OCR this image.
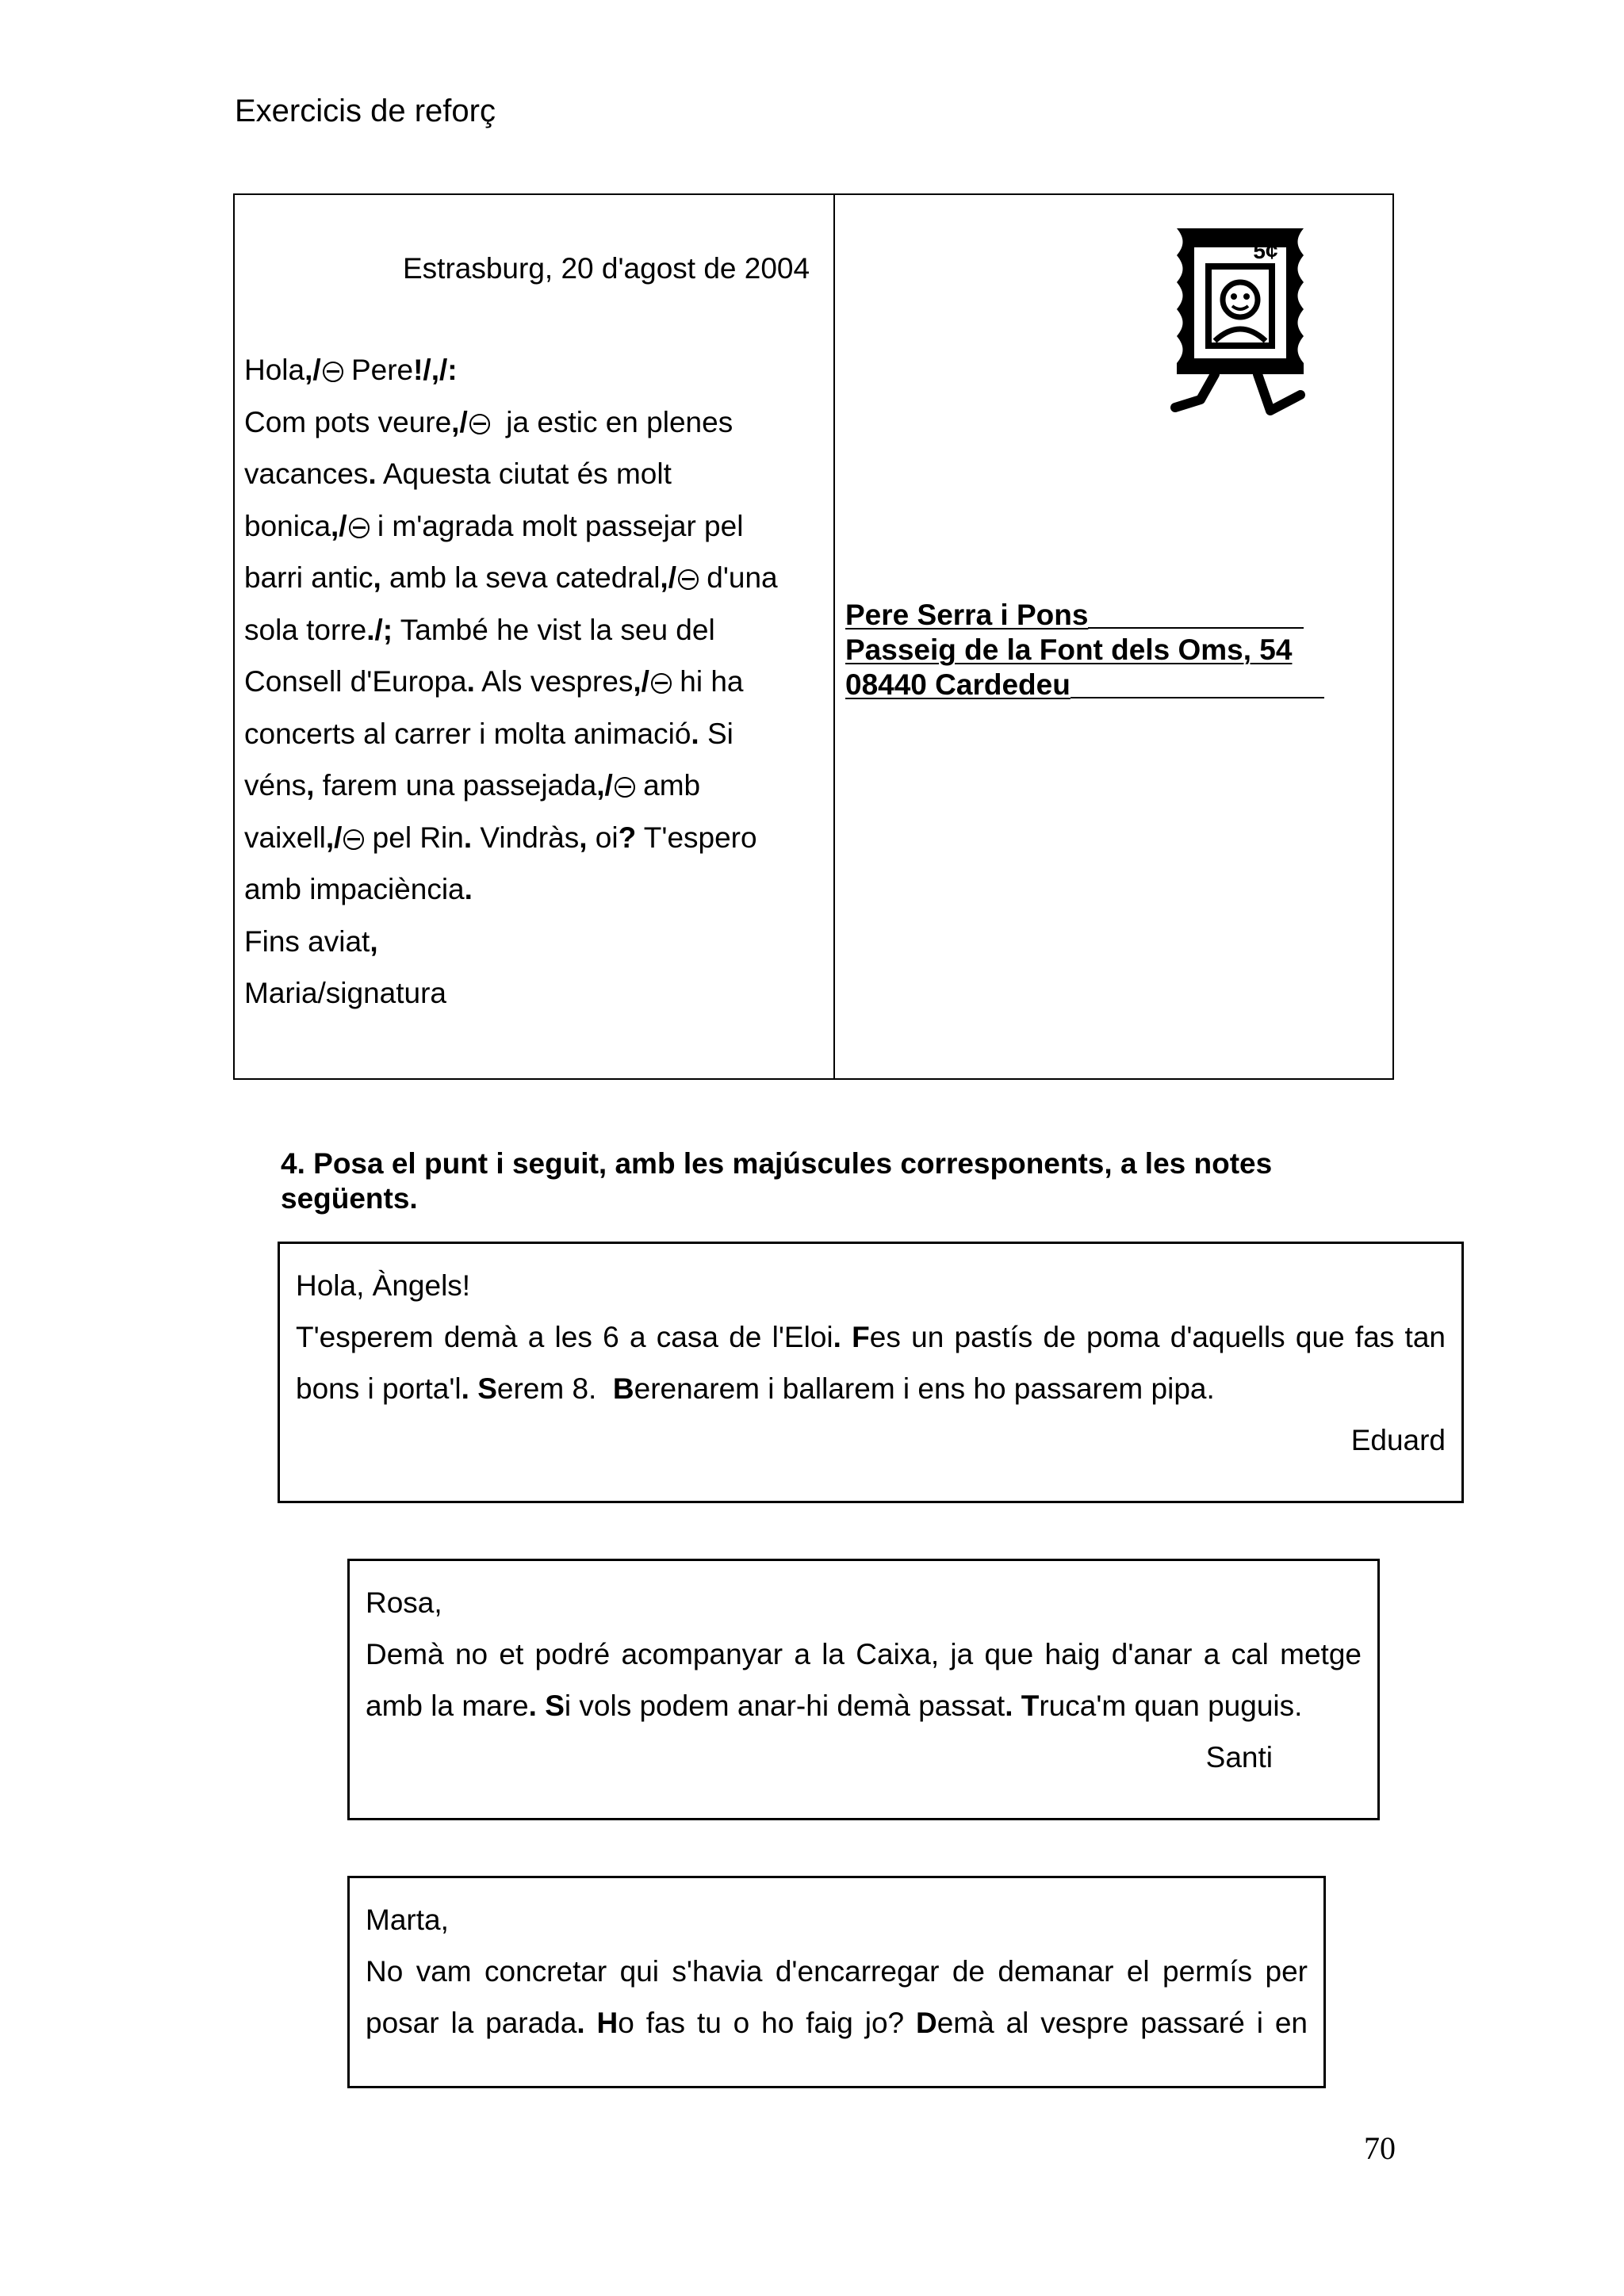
Exercicis de reforç
Estrasburg, 20 d'agost de 2004
Hola,/ Pere!/,/:
Com pots veure,/  ja estic en plenes
vacances. Aquesta ciutat és molt
bonica,/ i m'agrada molt passejar pel
barri antic, amb la seva catedral,/ d'una
sola torre./; També he vist la seu del
Consell d'Europa. Als vespres,/ hi ha
concerts al carrer i molta animació. Si
véns, farem una passejada,/ amb
vaixell,/ pel Rin. Vindràs, oi? T'espero
amb impaciència.
Fins aviat,
Maria/signatura
5¢
Pere Serra i Pons
Passeig de la Font dels Oms, 54
08440 Cardedeu
4. Posa el punt i seguit, amb les majúscules corresponents, a les notes següents.
Hola, Àngels!
T'esperem demà a les 6 a casa de l'Eloi. Fes un pastís de poma d'aquells que fas tan
bons i porta'l. Serem 8.  Berenarem i ballarem i ens ho passarem pipa.
Eduard
Rosa,
Demà no et podré acompanyar a la Caixa, ja que haig d'anar a cal metge
amb la mare. Si vols podem anar-hi demà passat. Truca'm quan puguis.
Santi
Marta,
No vam concretar qui s'havia d'encarregar de demanar el permís per
posar la parada. Ho fas tu o ho faig jo? Demà al vespre passaré i en
70
